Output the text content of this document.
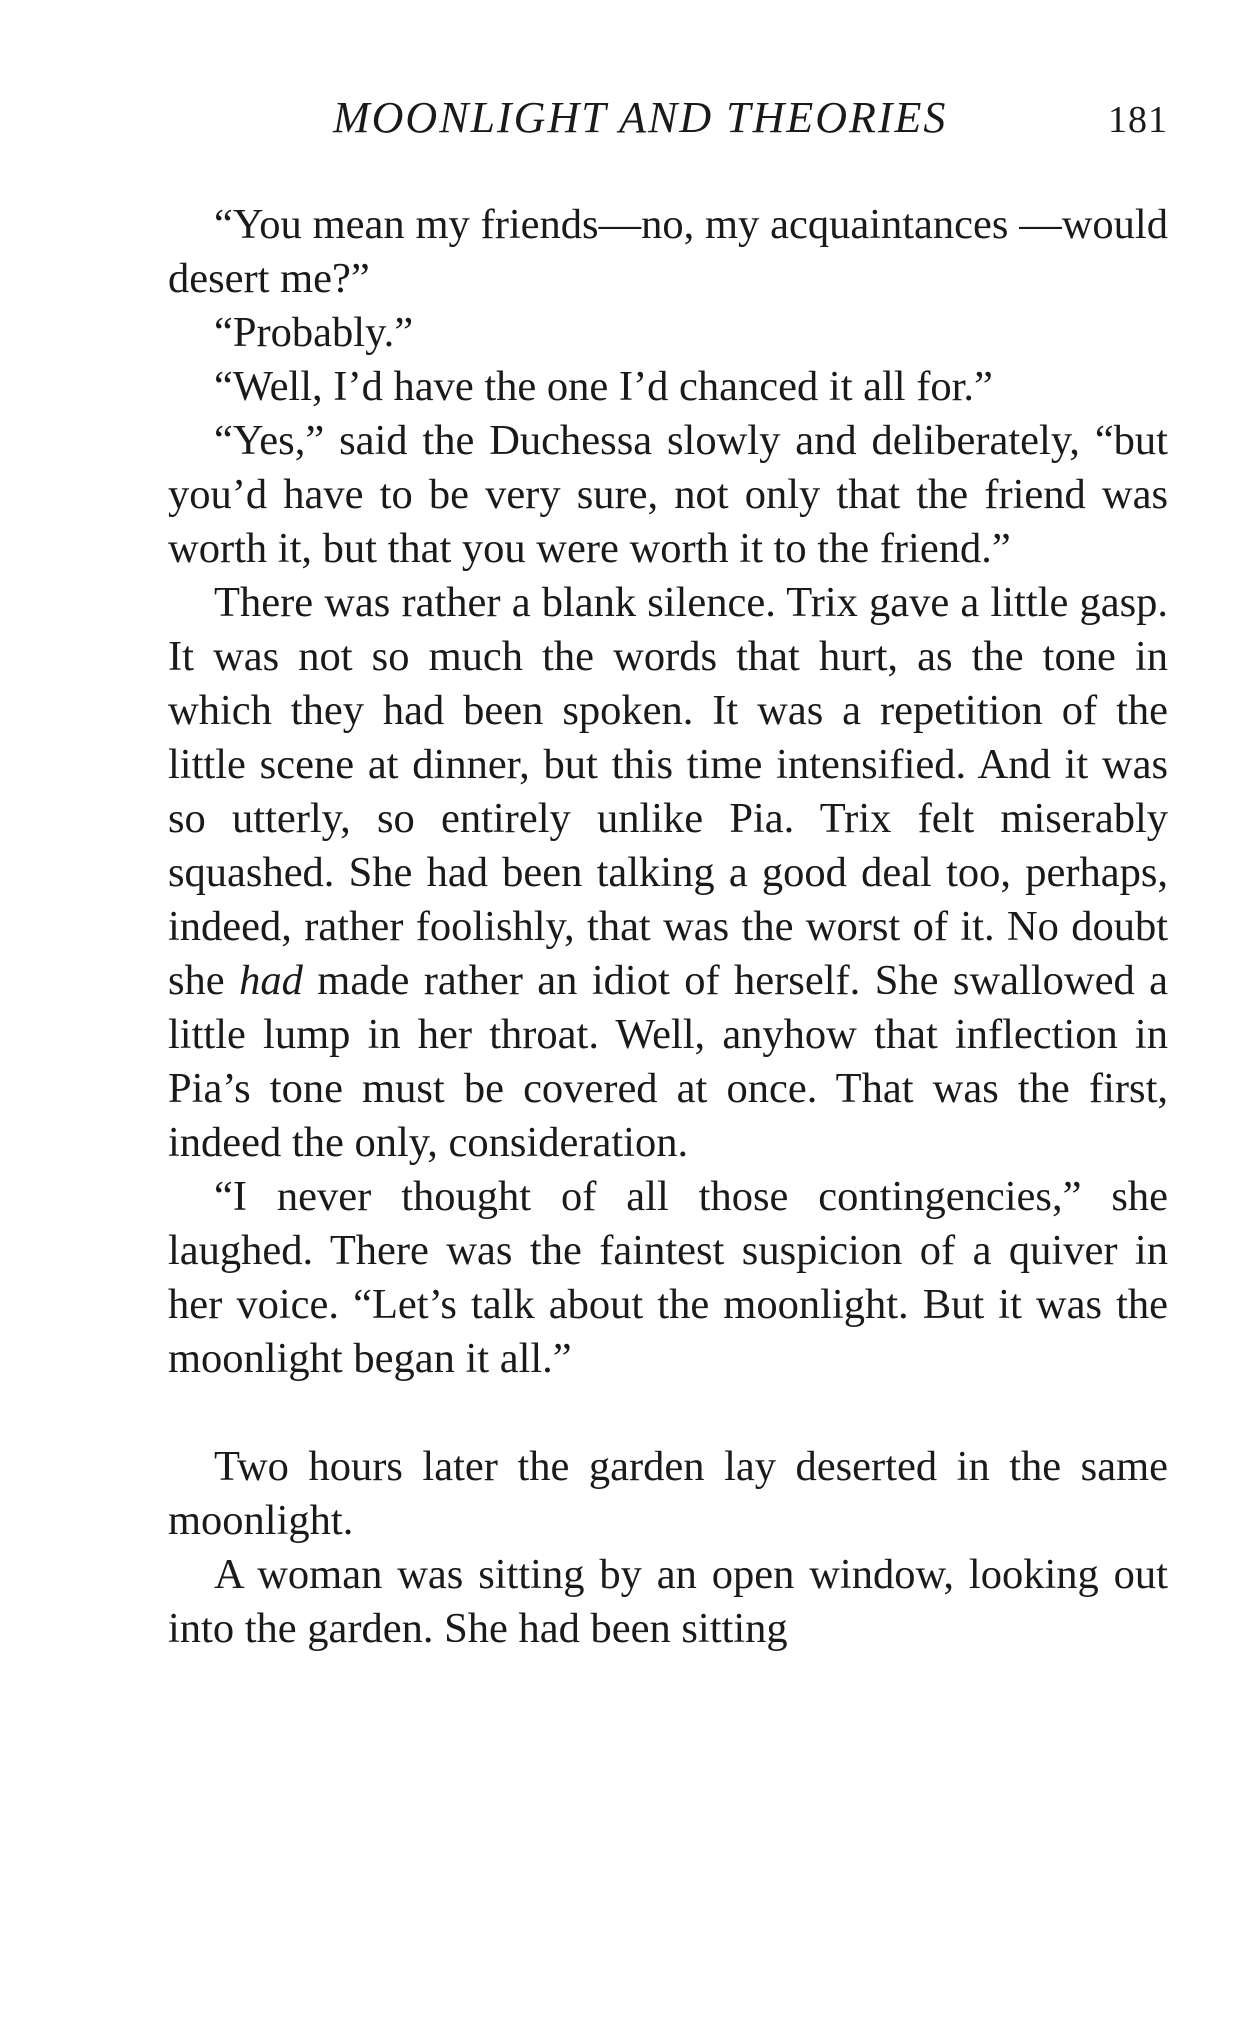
MOONLIGHT AND THEORIES	181

“You mean my friends—no, my acquaintances —would desert me?”

“Probably.”

“Well, I’d have the one I’d chanced it all for.”

“Yes,” said the Duchessa slowly and deliberately, “but you’d have to be very sure, not only that the friend was worth it, but that you were worth it to the friend.”

There was rather a blank silence. Trix gave a little gasp. It was not so much the words that hurt, as the tone in which they had been spoken. It was a repetition of the little scene at dinner, but this time intensified. And it was so utterly, so entirely unlike Pia. Trix felt miserably squashed. She had been talking a good deal too, perhaps, indeed, rather foolishly, that was the worst of it. No doubt she had made rather an idiot of herself. She swallowed a little lump in her throat. Well, anyhow that inflection in Pia’s tone must be covered at once. That was the first, indeed the only, consideration.

“I never thought of all those contingencies,” she laughed. There was the faintest suspicion of a quiver in her voice. “Let’s talk about the moonlight. But it was the moonlight began it all.”

Two hours later the garden lay deserted in the same moonlight.

A woman was sitting by an open window, looking out into the garden. She had been sitting
